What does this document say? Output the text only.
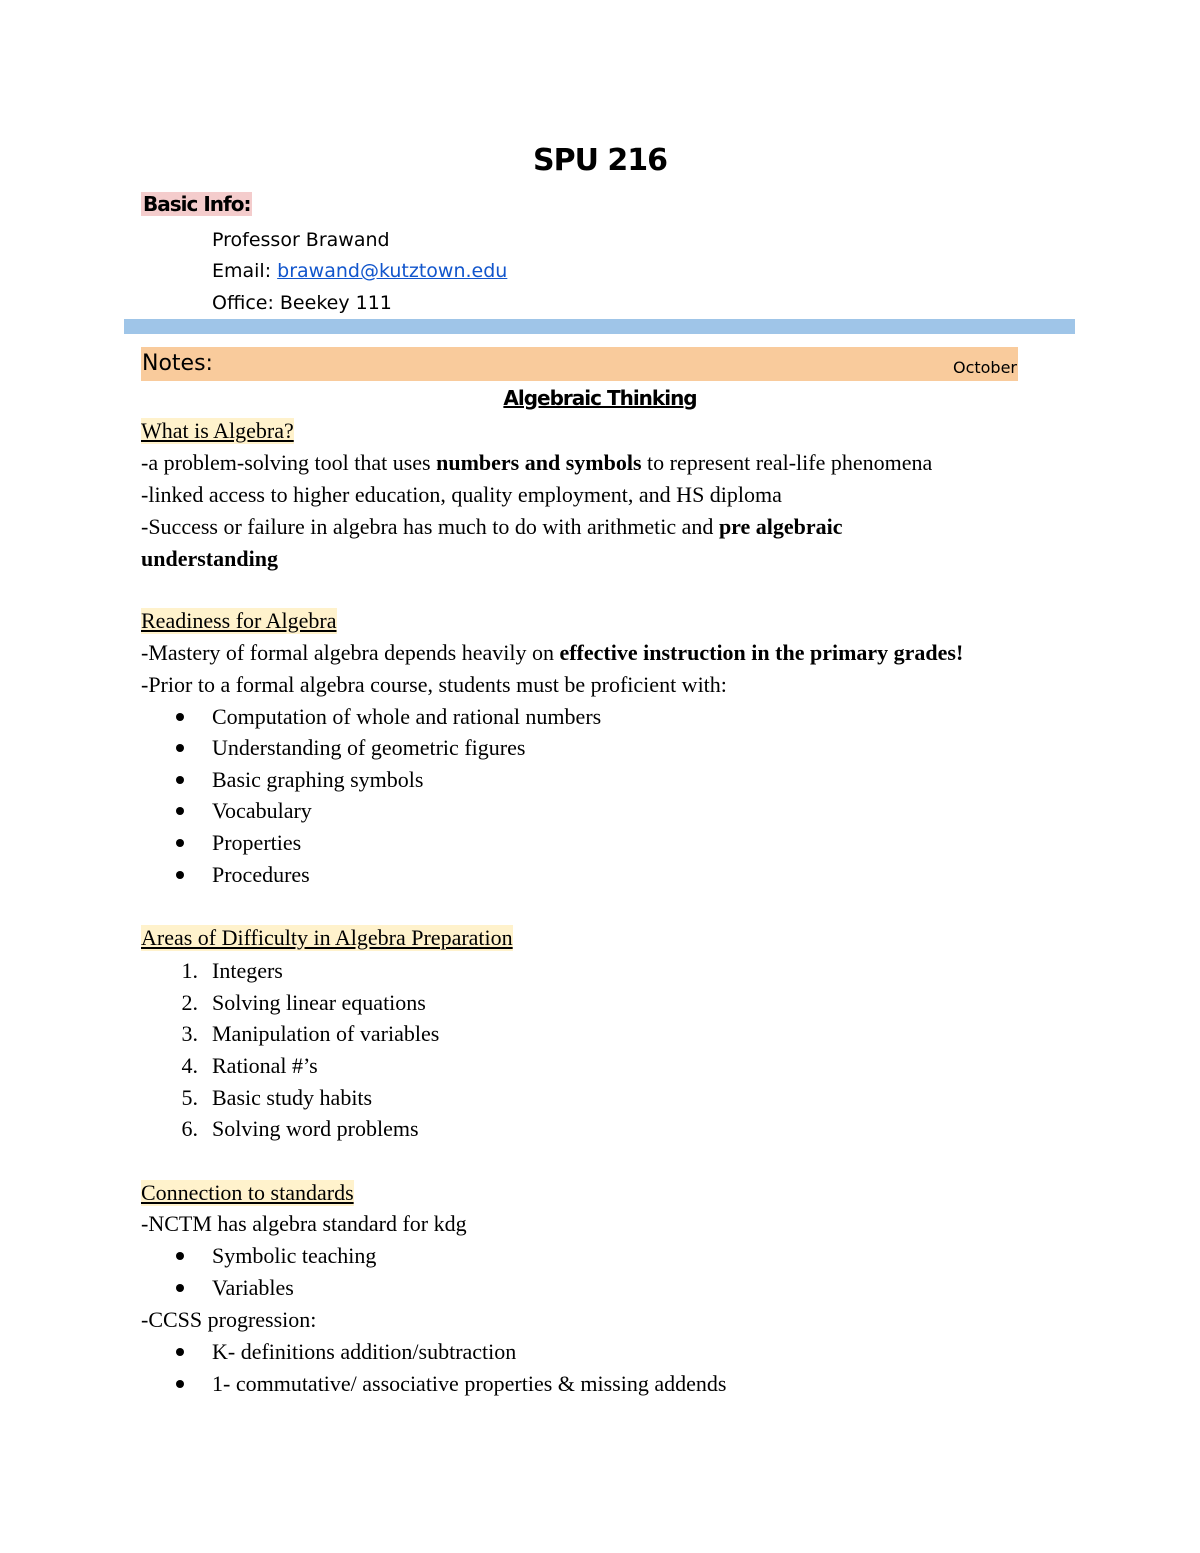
SPU 216
Basic Info:
Professor Brawand
Email: brawand@kutztown.edu
Office: Beekey 111
Notes:	October
Algebraic Thinking
What is Algebra?
-a problem-solving tool that uses numbers and symbols to represent real-life phenomena
-linked access to higher education, quality employment, and HS diploma
-Success or failure in algebra has much to do with arithmetic and pre algebraic
understanding
Readiness for Algebra
-Mastery of formal algebra depends heavily on effective instruction in the primary grades!
-Prior to a formal algebra course, students must be proficient with:
Computation of whole and rational numbers
Understanding of geometric figures
Basic graphing symbols
Vocabulary
Properties
Procedures
Areas of Difficulty in Algebra Preparation
1. Integers
2. Solving linear equations
3. Manipulation of variables
4. Rational #’s
5. Basic study habits
6. Solving word problems
Connection to standards
-NCTM has algebra standard for kdg
Symbolic teaching
Variables
-CCSS progression:
K- definitions addition/subtraction
1- commutative/ associative properties & missing addends
